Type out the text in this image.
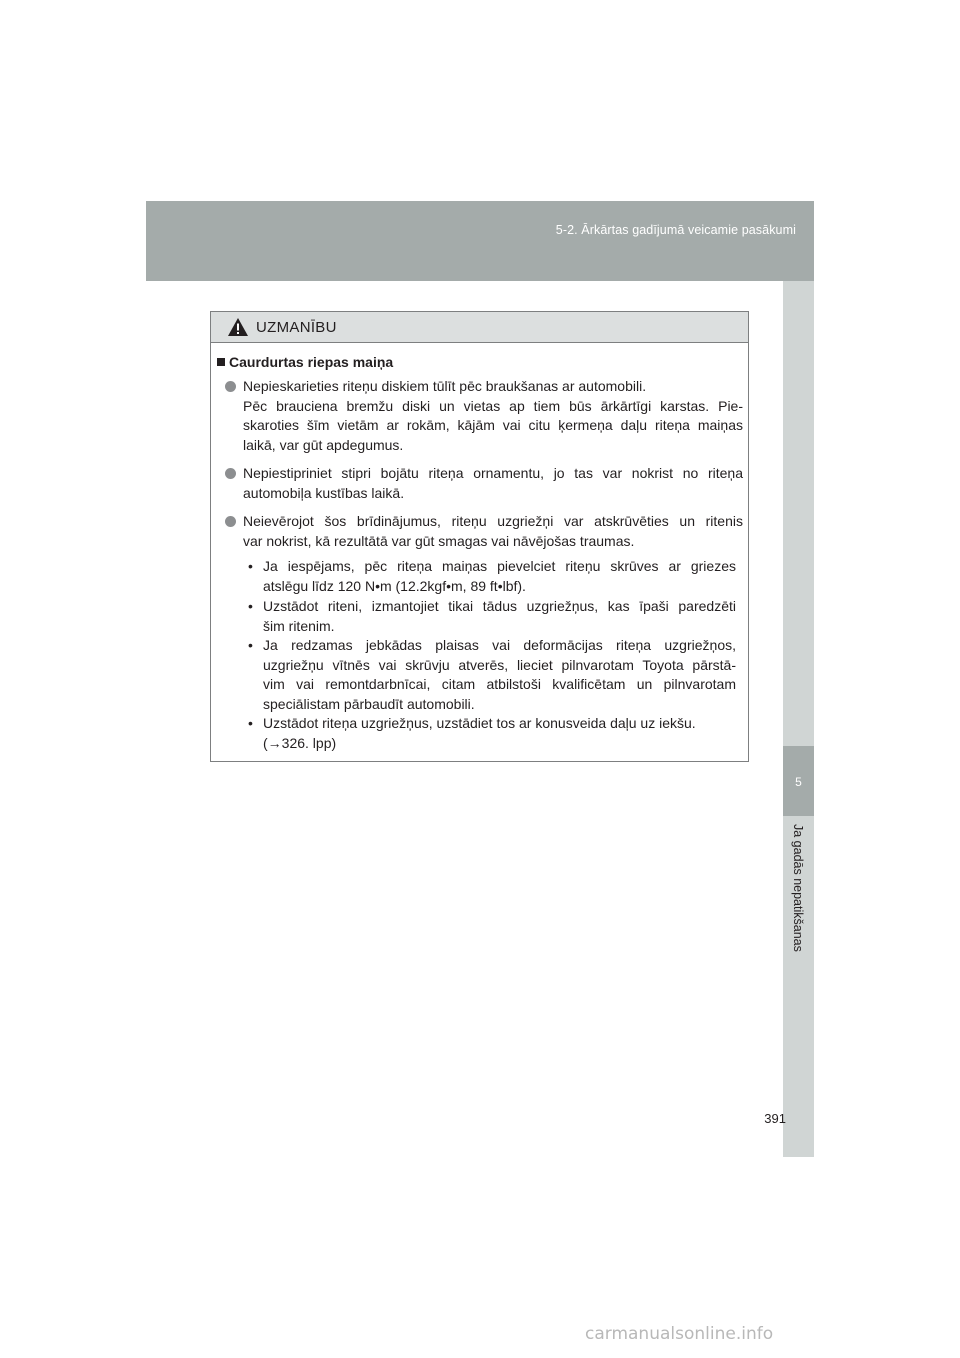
5-2. Ārkārtas gadījumā veicamie pasākumi
5
Ja gadās nepatikšanas
UZMANĪBU
Caurdurtas riepas maiņa
Nepieskarieties riteņu diskiem tūlīt pēc braukšanas ar automobili.
Pēc brauciena bremžu diski un vietas ap tiem būs ārkārtīgi karstas. Pie-
skaroties šīm vietām ar rokām, kājām vai citu ķermeņa daļu riteņa maiņas
laikā, var gūt apdegumus.
Nepiestipriniet stipri bojātu riteņa ornamentu, jo tas var nokrist no riteņa
automobiļa kustības laikā.
Neievērojot šos brīdinājumus, riteņu uzgriežņi var atskrūvēties un ritenis
var nokrist, kā rezultātā var gūt smagas vai nāvējošas traumas.
• Ja iespējams, pēc riteņa maiņas pievelciet riteņu skrūves ar griezes
atslēgu līdz 120 N•m (12.2kgf•m, 89 ft•lbf).
• Uzstādot riteni, izmantojiet tikai tādus uzgriežņus, kas īpaši paredzēti
šim ritenim.
• Ja redzamas jebkādas plaisas vai deformācijas riteņa uzgriežņos,
uzgriežņu vītnēs vai skrūvju atverēs, lieciet pilnvarotam Toyota pārstā-
vim vai remontdarbnīcai, citam atbilstoši kvalificētam un pilnvarotam
speciālistam pārbaudīt automobili.
• Uzstādot riteņa uzgriežņus, uzstādiet tos ar konusveida daļu uz iekšu.
(→326. lpp)
391
carmanualsonline.info
